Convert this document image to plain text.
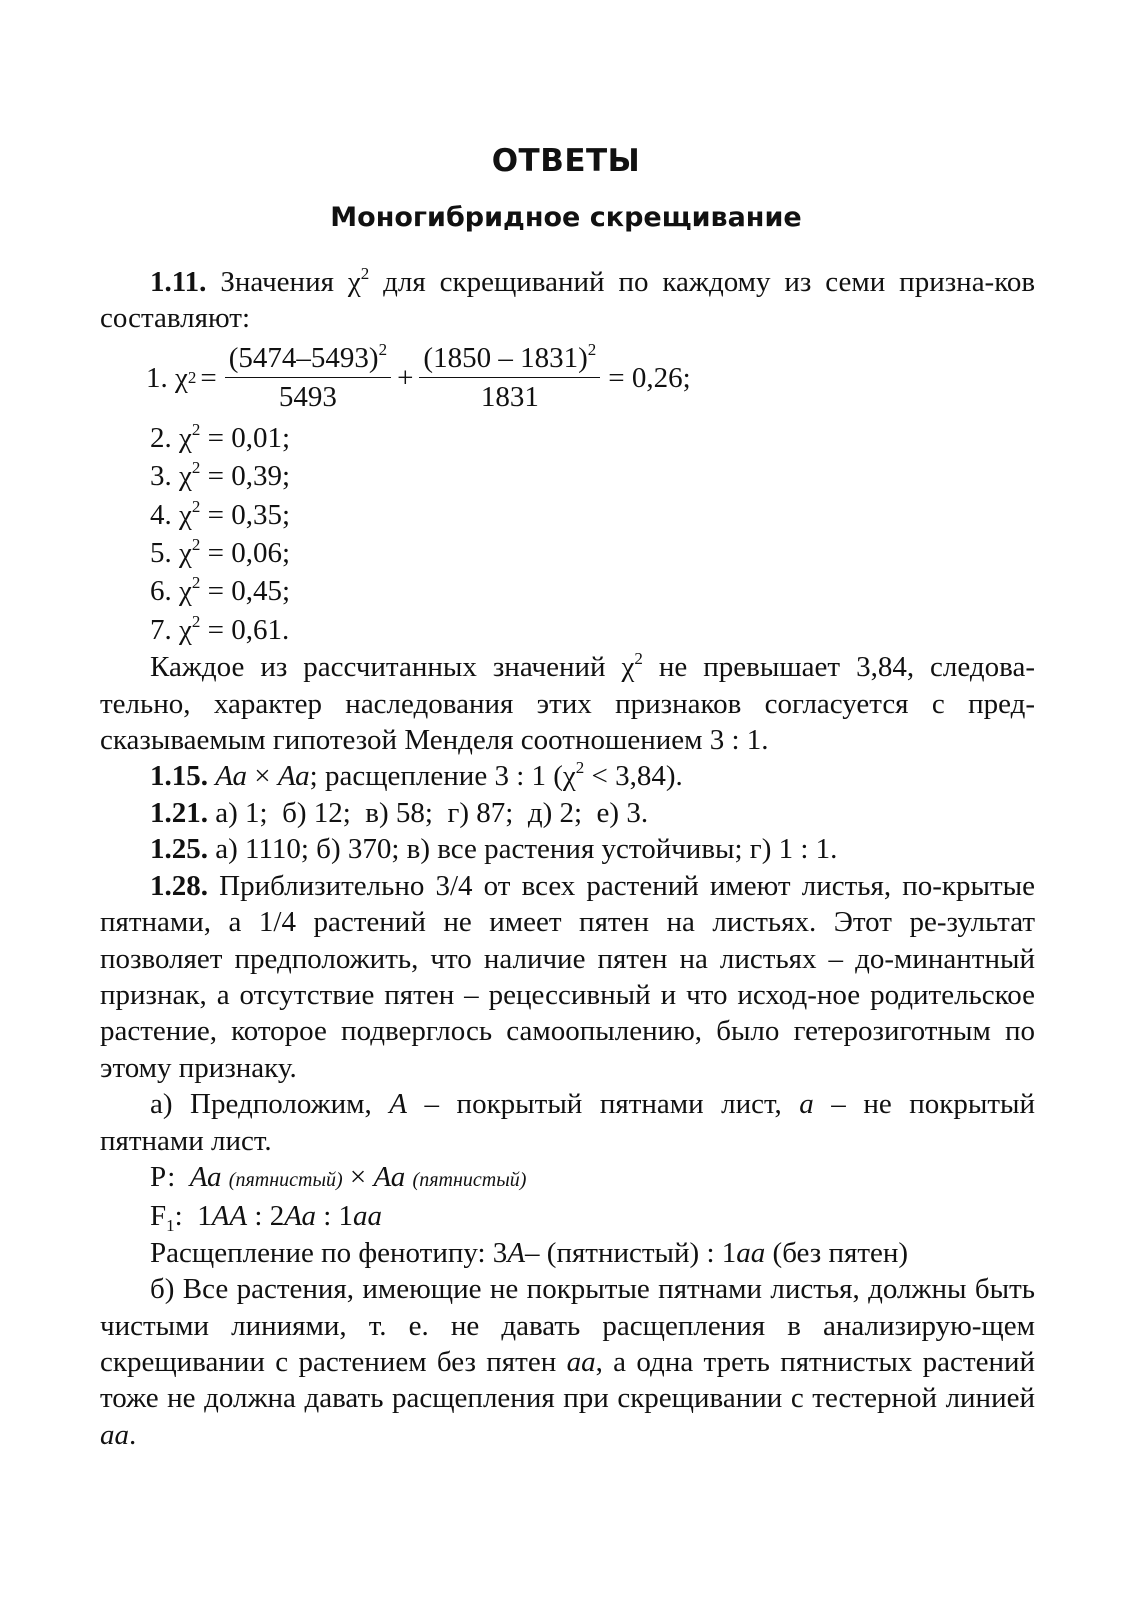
ОТВЕТЫ
Моногибридное скрещивание

1.11. Значения $\chi^2$ для скрещиваний по каждому из семи призна-ков составляют:

1. χ $2 = \frac{(5474-5493)^2}{5493} + \frac{(1850 - 1831)^2}{1831} = 0,26$;

2. $\chi^2 = 0,01$;

3. $\chi^2 = 0,39$;

4. $\chi^2 = 0,35$;

5. $\chi^2 = 0,06$;

6. $\chi^2 = 0,45$;

7. $\chi^2 = 0,61$.

Каждое из рассчитанных значений $\chi^2$ не превышает 3,84, следова-тельно, характер наследования этих признаков согласуется с пред-сказываемым гипотезой Менделя соотношением 3 : 1.

1.15. Аа × Аа; расщепление 3 : 1 $(\chi^2 < 3,84)$.

1.21. а) 1;  б) 12;  в) 58;  г) 87;  д) 2;  е) 3.

1.25. а) 1110; б) 370; в) все растения устойчивы; г) 1 : 1.

1.28. Приблизительно 3/4 от всех растений имеют листья, по-крытые пятнами, а 1/4 растений не имеет пятен на листьях. Этот ре-зультат позволяет предположить, что наличие пятен на листьях – до-минантный признак, а отсутствие пятен – рецессивный и что исход-ное родительское растение, которое подверглось самоопылению, было гетерозиготным по этому признаку.

а) Предположим, А – покрытый пятнами лист, а – не покрытый пятнами лист.

Р: Аа (пятнистый) × Аа (пятнистый)

$F_1$: 1АА : 2Аа : 1аа

Расщепление по фенотипу: 3А– (пятнистый) : 1аа (без пятен)

б) Все растения, имеющие не покрытые пятнами листья, должны быть чистыми линиями, т. е. не давать расщепления в анализирую-щем скрещивании с растением без пятен аа, а одна треть пятнистых растений тоже не должна давать расщепления при скрещивании с тестерной линией аа.
